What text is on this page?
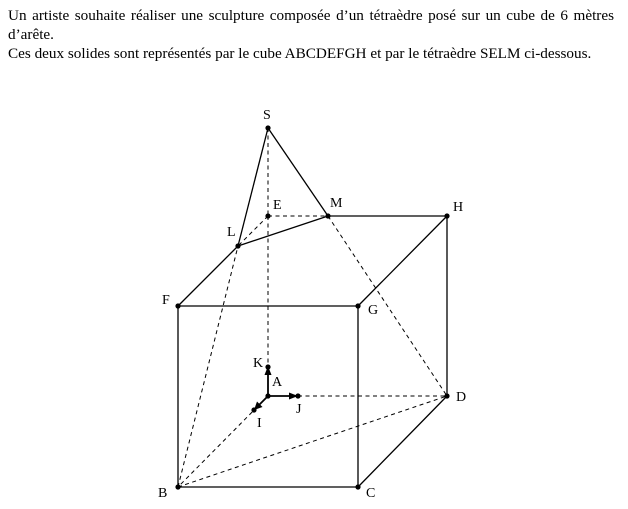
Un artiste souhaite réaliser une sculpture composée d’un tétraèdre posé sur un cube de 6 mètres d’arête.

Ces deux solides sont représentés par le cube ABCDEFGH et par le tétraèdre SELM ci-dessous.

S
E	M	H
L
F
G
K
A
J
I
D
B	C
